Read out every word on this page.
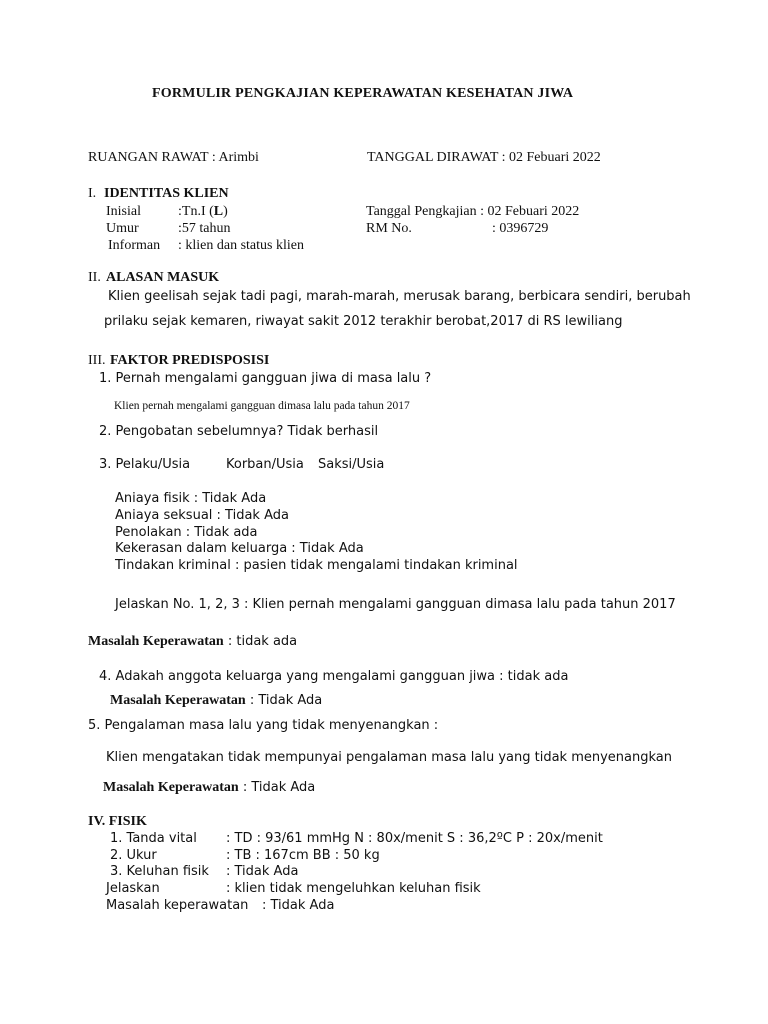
FORMULIR PENGKAJIAN KEPERAWATAN KESEHATAN JIWA
RUANGAN RAWAT : Arimbi	TANGGAL DIRAWAT : 02 Febuari 2022
I. IDENTITAS KLIEN
Inisial	:Tn.I (L)	Tanggal Pengkajian : 02 Febuari 2022
Umur	:57 tahun	RM No.	: 0396729
Informan : klien dan status klien
II. ALASAN MASUK
Klien geelisah sejak tadi pagi, marah-marah, merusak barang, berbicara sendiri, berubah
prilaku sejak kemaren, riwayat sakit 2012 terakhir berobat,2017 di RS lewiliang
III. FAKTOR PREDISPOSISI
1. Pernah mengalami gangguan jiwa di masa lalu ?
Klien pernah mengalami gangguan dimasa lalu pada tahun 2017
2. Pengobatan sebelumnya? Tidak berhasil
3. Pelaku/Usia	Korban/Usia Saksi/Usia
Aniaya fisik : Tidak Ada
Aniaya seksual : Tidak Ada
Penolakan : Tidak ada
Kekerasan dalam keluarga : Tidak Ada
Tindakan kriminal : pasien tidak mengalami tindakan kriminal
Jelaskan No. 1, 2, 3 : Klien pernah mengalami gangguan dimasa lalu pada tahun 2017
Masalah Keperawatan : tidak ada
4. Adakah anggota keluarga yang mengalami gangguan jiwa : tidak ada
Masalah Keperawatan : Tidak Ada
5. Pengalaman masa lalu yang tidak menyenangkan :
Klien mengatakan tidak mempunyai pengalaman masa lalu yang tidak menyenangkan
Masalah Keperawatan : Tidak Ada
IV. FISIK
1. Tanda vital : TD : 93/61 mmHg N : 80x/menit S : 36,2ºC P : 20x/menit
2. Ukur	: TB : 167cm BB : 50 kg
3. Keluhan fisik : Tidak Ada
Jelaskan	: klien tidak mengeluhkan keluhan fisik
Masalah keperawatan : Tidak Ada
